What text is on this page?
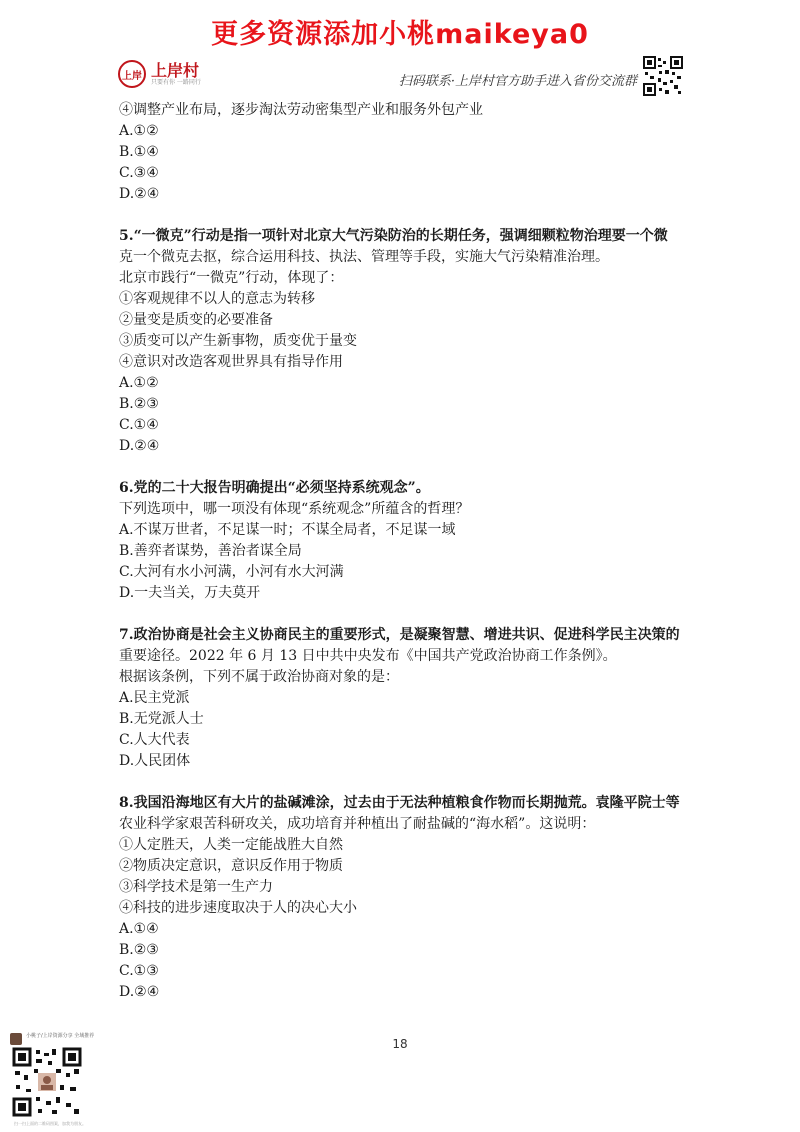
更多资源添加小桃maikeya0
上岸 上岸村
只要有你 一路同行	扫码联系·上岸村官方助手进入省份交流群
④调整产业布局，逐步淘汰劳动密集型产业和服务外包产业
A.①②
B.①④
C.③④
D.②④
5.“一微克”行动是指一项针对北京大气污染防治的长期任务，强调细颗粒物治理要一个微
克一个微克去抠，综合运用科技、执法、管理等手段，实施大气污染精准治理。
北京市践行“一微克”行动，体现了：
①客观规律不以人的意志为转移
②量变是质变的必要准备
③质变可以产生新事物，质变优于量变
④意识对改造客观世界具有指导作用
A.①②
B.②③
C.①④
D.②④
6.党的二十大报告明确提出“必须坚持系统观念”。
下列选项中，哪一项没有体现“系统观念”所蕴含的哲理？
A.不谋万世者，不足谋一时；不谋全局者，不足谋一域
B.善弈者谋势，善治者谋全局
C.大河有水小河满，小河有水大河满
D.一夫当关，万夫莫开
7.政治协商是社会主义协商民主的重要形式，是凝聚智慧、增进共识、促进科学民主决策的
重要途径。2022 年 6 月 13 日中共中央发布《中国共产党政治协商工作条例》。
根据该条例，下列不属于政治协商对象的是：
A.民主党派
B.无党派人士
C.人大代表
D.人民团体
8.我国沿海地区有大片的盐碱滩涂，过去由于无法种植粮食作物而长期抛荒。袁隆平院士等
农业科学家艰苦科研攻关，成功培育并种植出了耐盐碱的“海水稻”。这说明：
①人定胜天，人类一定能战胜大自然
②物质决定意识，意识反作用于物质
③科学技术是第一生产力
④科技的进步速度取决于人的决心大小
A.①④
B.②③
C.①③
D.②④
18
小桃子/上岸资源分享 全域推荐
扫一扫上面的二维码图案，加我为朋友。
